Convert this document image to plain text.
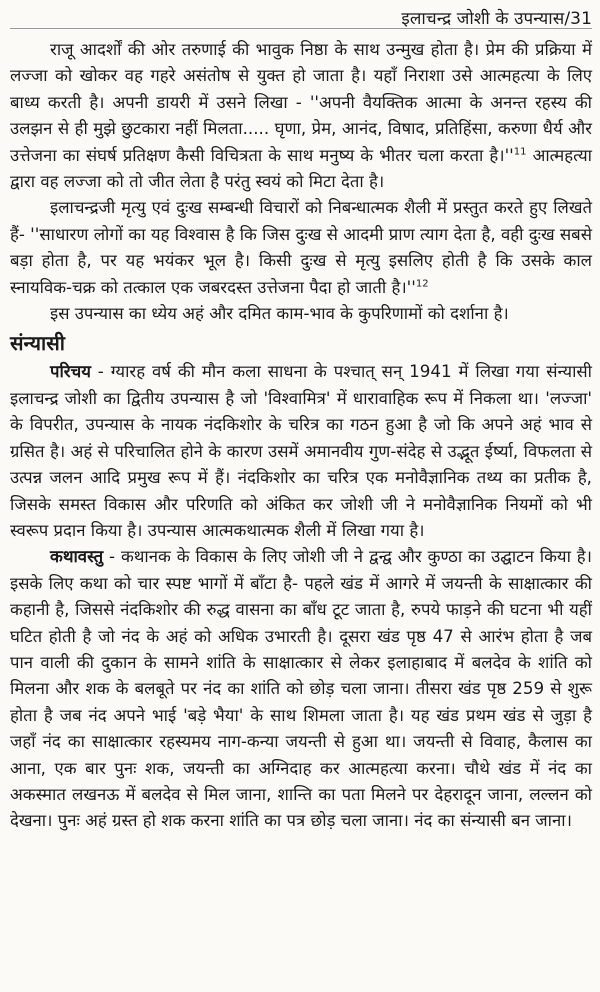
इलाचन्द्र जोशी के उपन्यास/31

राजू आदर्शों की ओर तरुणाई की भावुक निष्ठा के साथ उन्मुख होता है। प्रेम की प्रक्रिया में लज्जा को खोकर वह गहरे असंतोष से युक्त हो जाता है। यहाँ निराशा उसे आत्महत्या के लिए बाध्य करती है। अपनी डायरी में उसने लिखा - ''अपनी वैयक्तिक आत्मा के अनन्त रहस्य की उलझन से ही मुझे छुटकारा नहीं मिलता..... घृणा, प्रेम, आनंद, विषाद, प्रतिहिंसा, करुणा धैर्य और उत्तेजना का संघर्ष प्रतिक्षण कैसी विचित्रता के साथ मनुष्य के भीतर चला करता $है।''^{11}$ आत्महत्या द्वारा वह लज्जा को तो जीत लेता है परंतु स्वयं को मिटा देता है।

इलाचन्द्रजी मृत्यु एवं दुःख सम्बन्धी विचारों को निबन्धात्मक शैली में प्रस्तुत करते हुए लिखते हैं- ''साधारण लोगों का यह विश्वास है कि जिस दुःख से आदमी प्राण त्याग देता है, वही दुःख सबसे बड़ा होता है, पर यह भयंकर भूल है। किसी दुःख से मृत्यु इसलिए होती है कि उसके काल स्नायविक-चक्र को तत्काल एक जबरदस्त उत्तेजना पैदा हो जाती $है।''^{12}$

इस उपन्यास का ध्येय अहं और दमित काम-भाव के कुपरिणामों को दर्शाना है।

संन्यासी

परिचय - ग्यारह वर्ष की मौन कला साधना के पश्चात् सन् 1941 में लिखा गया संन्यासी इलाचन्द्र जोशी का द्वितीय उपन्यास है जो 'विश्वामित्र' में धारावाहिक रूप में निकला था। 'लज्जा' के विपरीत, उपन्यास के नायक नंदकिशोर के चरित्र का गठन हुआ है जो कि अपने अहं भाव से ग्रसित है। अहं से परिचालित होने के कारण उसमें अमानवीय गुण-संदेह से उद्भूत ईर्ष्या, विफलता से उत्पन्न जलन आदि प्रमुख रूप में हैं। नंदकिशोर का चरित्र एक मनोवैज्ञानिक तथ्य का प्रतीक है, जिसके समस्त विकास और परिणति को अंकित कर जोशी जी ने मनोवैज्ञानिक नियमों को भी स्वरूप प्रदान किया है। उपन्यास आत्मकथात्मक शैली में लिखा गया है।

कथावस्तु - कथानक के विकास के लिए जोशी जी ने द्वन्द्व और कुण्ठा का उद्घाटन किया है। इसके लिए कथा को चार स्पष्ट भागों में बाँटा है- पहले खंड में आगरे में जयन्ती के साक्षात्कार की कहानी है, जिससे नंदकिशोर की रुद्ध वासना का बाँध टूट जाता है, रुपये फाड़ने की घटना भी यहीं घटित होती है जो नंद के अहं को अधिक उभारती है। दूसरा खंड पृष्ठ 47 से आरंभ होता है जब पान वाली की दुकान के सामने शांति के साक्षात्कार से लेकर इलाहाबाद में बलदेव के शांति को मिलना और शक के बलबूते पर नंद का शांति को छोड़ चला जाना। तीसरा खंड पृष्ठ 259 से शुरू होता है जब नंद अपने भाई 'बड़े भैया' के साथ शिमला जाता है। यह खंड प्रथम खंड से जुड़ा है जहाँ नंद का साक्षात्कार रहस्यमय नाग-कन्या जयन्ती से हुआ था। जयन्ती से विवाह, कैलास का आना, एक बार पुनः शक, जयन्ती का अग्निदाह कर आत्महत्या करना। चौथे खंड में नंद का अकस्मात लखनऊ में बलदेव से मिल जाना, शान्ति का पता मिलने पर देहरादून जाना, लल्लन को देखना। पुनः अहं ग्रस्त हो शक करना शांति का पत्र छोड़ चला जाना। नंद का संन्यासी बन जाना।
